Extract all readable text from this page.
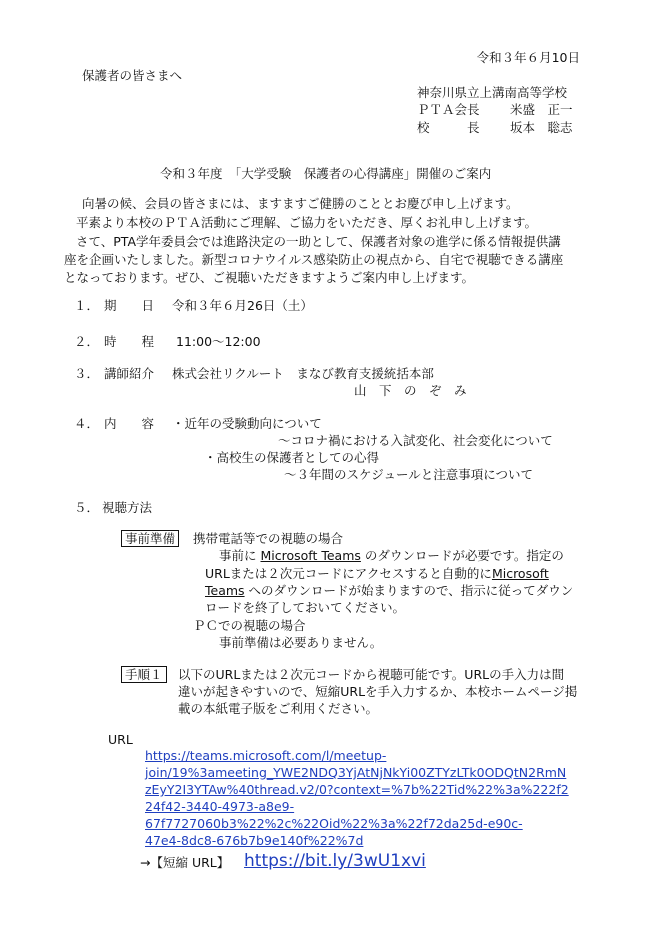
令和３年６月10日
保護者の皆さまへ
神奈川県立上溝南高等学校
ＰＴＡ会長 米盛　正一
校　　　長 坂本　聡志
令和３年度　「大学受験　保護者の心得講座」開催のご案内
向暑の候、会員の皆さまには、ますますご健勝のこととお慶び申し上げます。
平素より本校のＰＴＡ活動にご理解、ご協力をいただき、厚くお礼申し上げます。
さて、PTA学年委員会では進路決定の一助として、保護者対象の進学に係る情報提供講
座を企画いたしました。新型コロナウイルス感染防止の視点から、自宅で視聴できる講座
となっております。ぜひ、ご視聴いただきますようご案内申し上げます。
１． 期　　日 令和３年６月26日（土）
２． 時　　程 11:00〜12:00
３． 講師紹介 株式会社リクルート　まなび教育支援統括本部
山　下　の　ぞ　み
４． 内　　容 ・近年の受験動向について
〜コロナ禍における入試変化、社会変化について
・高校生の保護者としての心得
〜３年間のスケジュールと注意事項について
５． 視聴方法
事前準備	携帯電話等での視聴の場合
事前に Microsoft Teams のダウンロードが必要です。指定の
URLまたは２次元コードにアクセスすると自動的にMicrosoft
Teams へのダウンロードが始まりますので、指示に従ってダウン
ロードを終了しておいてください。
ＰＣでの視聴の場合
事前準備は必要ありません。
手順１	以下のURLまたは２次元コードから視聴可能です。URLの手入力は間
違いが起きやすいので、短縮URLを手入力するか、本校ホームページ掲
載の本紙電子版をご利用ください。
URL
https://teams.microsoft.com/l/meetup-
join/19%3ameeting_YWE2NDQ3YjAtNjNkYi00ZTYzLTk0ODQtN2RmN
zEyY2I3YTAw%40thread.v2/0?context=%7b%22Tid%22%3a%222f2
24f42-3440-4973-a8e9-
67f7727060b3%22%2c%22Oid%22%3a%22f72da25d-e90c-
47e4-8dc8-676b7b9e140f%22%7d
→【短縮 URL】 https://bit.ly/3wU1xvi
